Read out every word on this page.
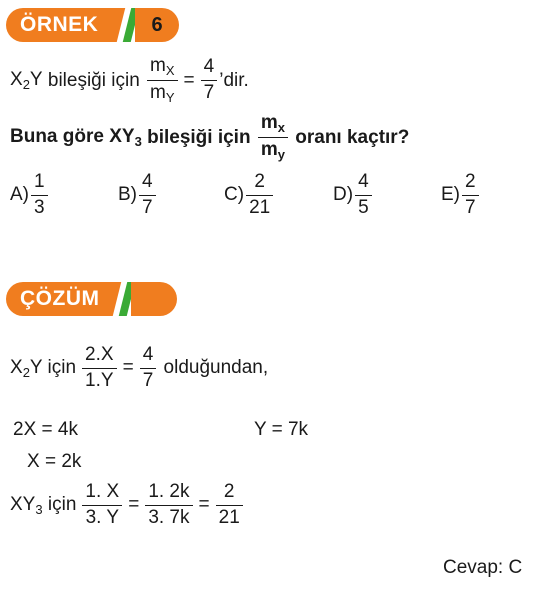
ÖRNEK	6
$X_2Y$ bileşiği için $\frac{m_X}{m_Y} = \frac{4}{7}$ ’dir.
Buna göre $XY_3$ bileşiği için $\frac{m_x}{m_y}$ oranı kaçtır?
$A) \frac{1}{3}$	$B) \frac{4}{7}$	$C) \frac{2}{21}$	$D) \frac{4}{5}$	$E) \frac{2}{7}$
ÇÖZÜM
$X_2Y$ için $\frac{2.X}{1.Y} = \frac{4}{7}$ olduğundan,
2X = 4k	Y = 7k
X = 2k
$XY_3$ için $\frac{1. X}{3. Y} = \frac{1. 2k}{3. 7k} = \frac{2}{21}$
Cevap: C
